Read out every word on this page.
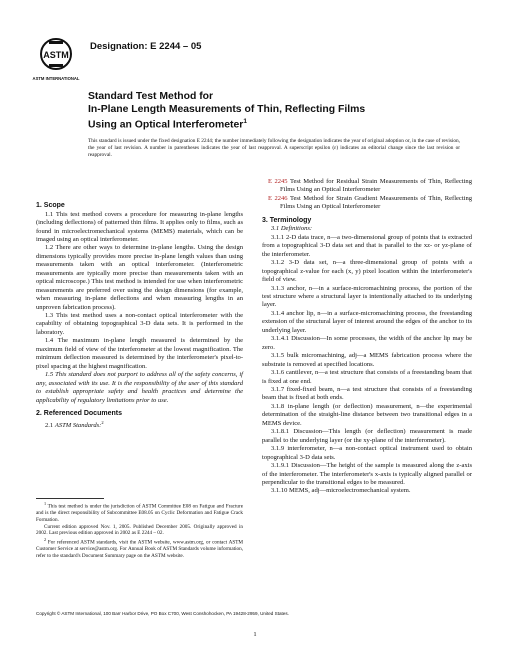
ASTM
ASTM INTERNATIONAL
Designation: E 2244 – 05
Standard Test Method for
In-Plane Length Measurements of Thin, Reflecting Films
Using an Optical Interferometer$^1$
This standard is issued under the fixed designation E 2244; the number immediately following the designation indicates the year of original adoption or, in the case of revision, the year of last revision. A number in parentheses indicates the year of last reapproval. A superscript epsilon (ε) indicates an editorial change since the last revision or reapproval.
1. Scope

1.1 This test method covers a procedure for measuring in-plane lengths (including deflections) of patterned thin films. It applies only to films, such as found in microelectromechanical systems (MEMS) materials, which can be imaged using an optical interferometer.

1.2 There are other ways to determine in-plane lengths. Using the design dimensions typically provides more precise in-plane length values than using measurements taken with an optical interferometer. (Interferometric measurements are typically more precise than measurements taken with an optical microscope.) This test method is intended for use when interferometric measurements are preferred over using the design dimensions (for example, when measuring in-plane deflections and when measuring lengths in an unproven fabrication process).

1.3 This test method uses a non-contact optical interferometer with the capability of obtaining topographical 3-D data sets. It is performed in the laboratory.

1.4 The maximum in-plane length measured is determined by the maximum field of view of the interferometer at the lowest magnification. The minimum deflection measured is determined by the interferometer's pixel-to-pixel spacing at the highest magnification.

1.5 This standard does not purport to address all of the safety concerns, if any, associated with its use. It is the responsibility of the user of this standard to establish appropriate safety and health practices and determine the applicability of regulatory limitations prior to use.

2. Referenced Documents

2.1 ASTM Standards:$^2$

$^1$ This test method is under the jurisdiction of ASTM Committee E08 on Fatigue and Fracture and is the direct responsibility of Subcommittee E08.05 on Cyclic Deformation and Fatigue Crack Formation.

Current edition approved Nov. 1, 2005. Published December 2005. Originally approved in 2002. Last previous edition approved in 2002 as E 2244 – 02.

$^2$ For referenced ASTM standards, visit the ASTM website, www.astm.org, or contact ASTM Customer Service at service@astm.org. For Annual Book of ASTM Standards volume information, refer to the standard's Document Summary page on the ASTM website.

E 2245 Test Method for Residual Strain Measurements of Thin, Reflecting Films Using an Optical Interferometer

E 2246 Test Method for Strain Gradient Measurements of Thin, Reflecting Films Using an Optical Interferometer

3. Terminology

3.1 Definitions:

3.1.1 2-D data trace, n—a two-dimensional group of points that is extracted from a topographical 3-D data set and that is parallel to the xz- or yz-plane of the interferometer.

3.1.2 3-D data set, n—a three-dimensional group of points with a topographical z-value for each (x, y) pixel location within the interferometer's field of view.

3.1.3 anchor, n—in a surface-micromachining process, the portion of the test structure where a structural layer is intentionally attached to its underlying layer.

3.1.4 anchor lip, n—in a surface-micromachining process, the freestanding extension of the structural layer of interest around the edges of the anchor to its underlying layer.

3.1.4.1 Discussion—In some processes, the width of the anchor lip may be zero.

3.1.5 bulk micromachining, adj—a MEMS fabrication process where the substrate is removed at specified locations.

3.1.6 cantilever, n—a test structure that consists of a freestanding beam that is fixed at one end.

3.1.7 fixed-fixed beam, n—a test structure that consists of a freestanding beam that is fixed at both ends.

3.1.8 in-plane length (or deflection) measurement, n—the experimental determination of the straight-line distance between two transitional edges in a MEMS device.

3.1.8.1 Discussion—This length (or deflection) measurement is made parallel to the underlying layer (or the xy-plane of the interferometer).

3.1.9 interferometer, n—a non-contact optical instrument used to obtain topographical 3-D data sets.

3.1.9.1 Discussion—The height of the sample is measured along the z-axis of the interferometer. The interferometer's x-axis is typically aligned parallel or perpendicular to the transitional edges to be measured.

3.1.10 MEMS, adj—microelectromechanical system.

Copyright © ASTM International, 100 Barr Harbor Drive, PO Box C700, West Conshohocken, PA 19428-2959, United States.
1
